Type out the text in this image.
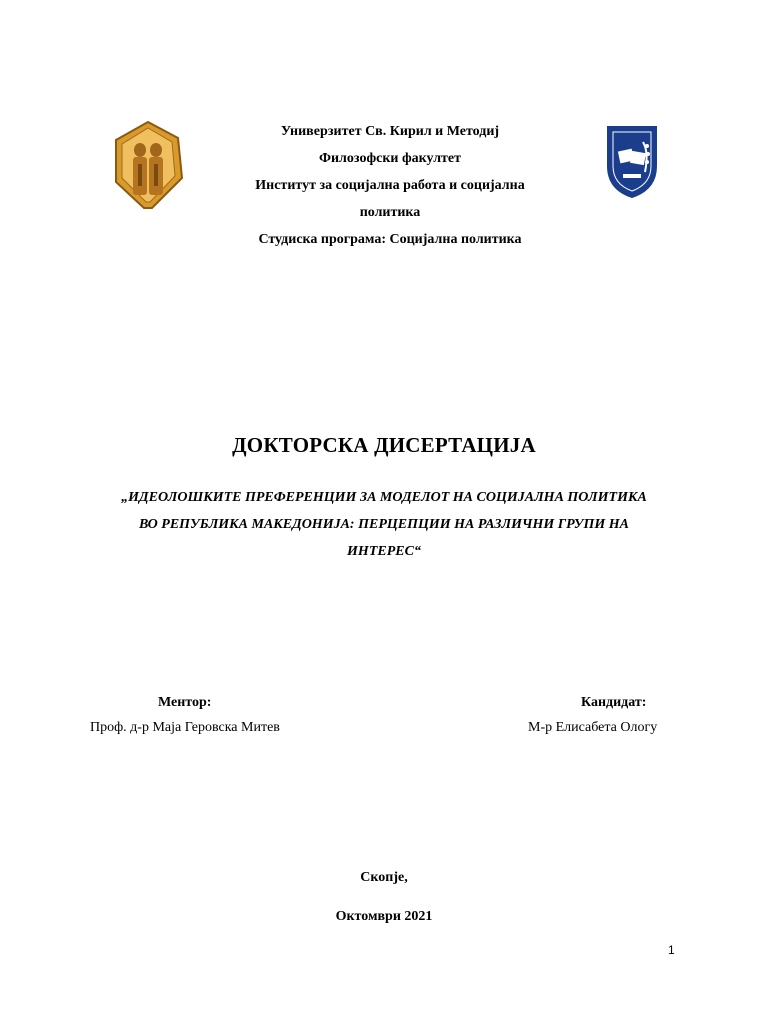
Универзитет Св. Кирил и Методиј
Филозофски факултет
Институт за социјална работа и социјална
политика
Студиска програма: Социјална политика
ДОКТОРСКА ДИСЕРТАЦИЈА
„ИДЕОЛОШКИТЕ ПРЕФЕРЕНЦИИ ЗА МОДЕЛОТ НА СОЦИЈАЛНА ПОЛИТИКА
ВО РЕПУБЛИКА МАКЕДОНИЈА: ПЕРЦЕПЦИИ НА РАЗЛИЧНИ ГРУПИ НА
ИНТЕРЕС“
Ментор:
Проф. д-р Маја Геровска Митев
Кандидат:
М-р Елисабета Ологу
Скопје,
Октомври 2021
1
